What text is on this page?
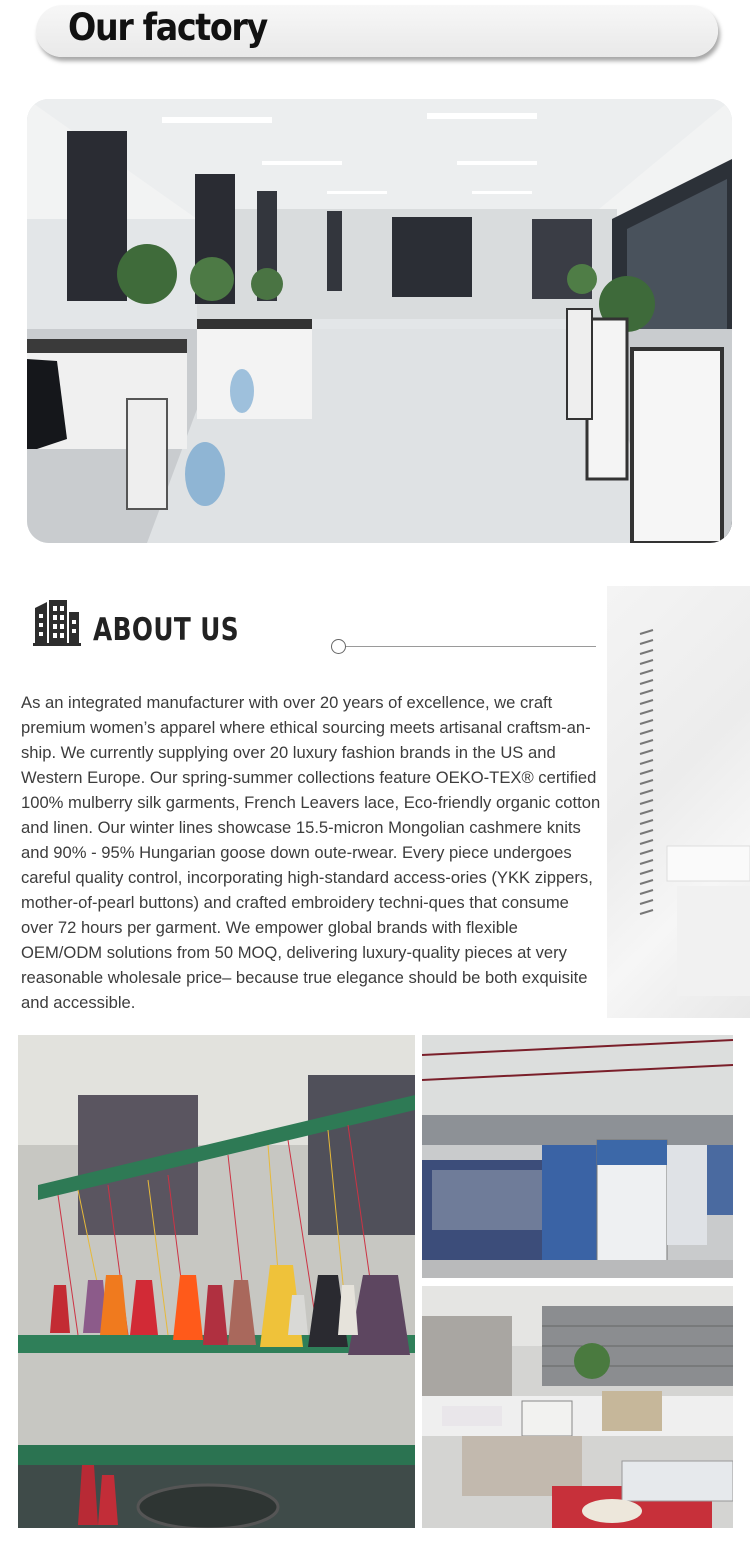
Our factory
ABOUT US

As an integrated manufacturer with over 20 years of excellence, we craft premium women’s apparel where ethical sourcing meets artisanal craftsm-an-ship. We currently supplying over 20 luxury fashion brands in the US and Western Europe. Our spring-summer collections feature OEKO-TEX® certified 100% mulberry silk garments, French Leavers lace, Eco-friendly organic cotton and linen. Our winter lines showcase 15.5-micron Mongolian cashmere knits and 90% - 95% Hungarian goose down oute-rwear. Every piece undergoes careful quality control, incorporating high-standard access-ories (YKK zippers, mother-of-pearl buttons) and crafted embroidery techni-ques that consume over 72 hours per garment. We empower global brands with flexible OEM/ODM solutions from 50 MOQ, delivering luxury-quality pieces at very reasonable wholesale price– because true elegance should be both exquisite and accessible.
